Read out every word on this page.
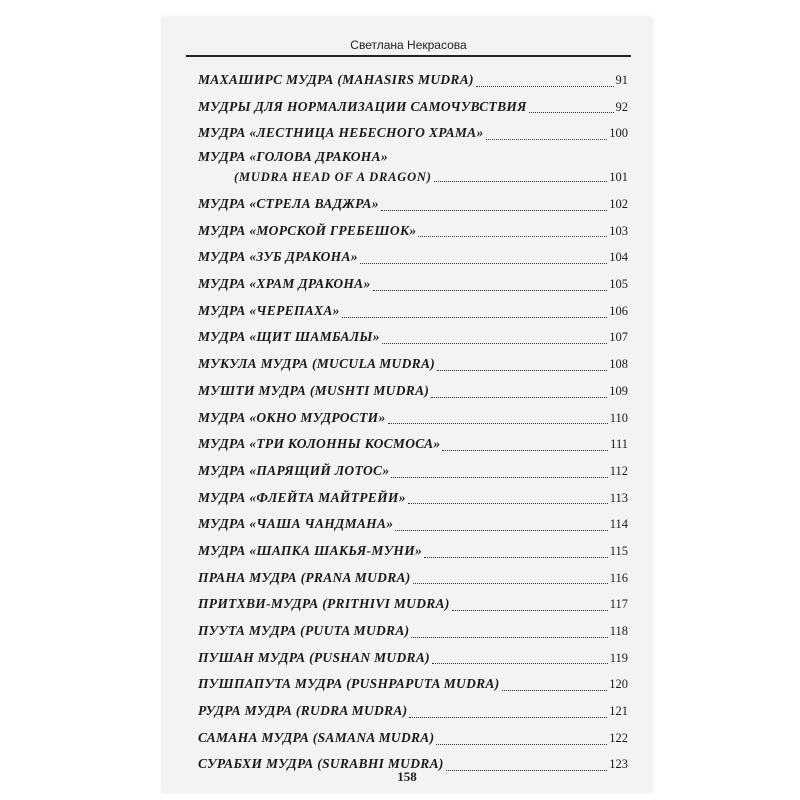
$_{Светлана Некрасова}$
МАХАШИРС МУДРА (MAHASIRS MUDRA)	91
МУДРЫ ДЛЯ НОРМАЛИЗАЦИИ САМОЧУВСТВИЯ	92
МУДРА «ЛЕСТНИЦА НЕБЕСНОГО ХРАМА»	100
МУДРА «ГОЛОВА ДРАКОНА»
(MUDRA HEAD OF A DRAGON)	101
МУДРА «СТРЕЛА ВАДЖРА»	102
МУДРА «МОРСКОЙ ГРЕБЕШОК»	103
МУДРА «ЗУБ ДРАКОНА»	104
МУДРА «ХРАМ ДРАКОНА»	105
МУДРА «ЧЕРЕПАХА»	106
МУДРА «ЩИТ ШАМБАЛЫ»	107
МУКУЛА МУДРА (MUCULA MUDRA)	108
МУШТИ МУДРА (MUSHTI MUDRA)	109
МУДРА «ОКНО МУДРОСТИ»	110
МУДРА «ТРИ КОЛОННЫ КОСМОСА»	111
МУДРА «ПАРЯЩИЙ ЛОТОС»	112
МУДРА «ФЛЕЙТА МАЙТРЕЙИ»	113
МУДРА «ЧАША ЧАНДМАНА»	114
МУДРА «ШАПКА ШАКЬЯ-МУНИ»	115
ПРАНА МУДРА (PRANA MUDRA)	116
ПРИТХВИ-МУДРА (PRITHIVI MUDRA)	117
ПУУТА МУДРА (PUUTA MUDRA)	118
ПУШАН МУДРА (PUSHAN MUDRA)	119
ПУШПАПУТА МУДРА (PUSHPAPUTA MUDRA)	120
РУДРА МУДРА (RUDRA MUDRA)	121
САМАНА МУДРА (SAMANA MUDRA)	122
СУРАБХИ МУДРА (SURABHI MUDRA)	123
158
